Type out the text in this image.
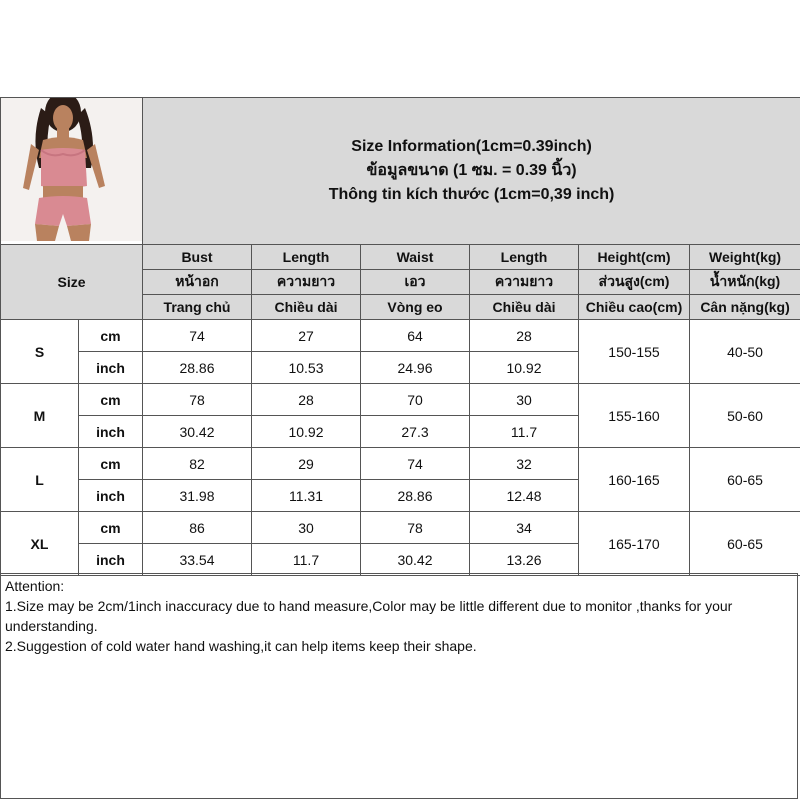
Size Information(1cm=0.39inch)
ข้อมูลขนาด (1 ซม. = 0.39 นิ้ว)
Thông tin kích thước (1cm=0,39 inch)					

Size		Bust	Length	Waist	Length	Height(cm)	Weight(kg)
		หน้าอก	ความยาว	เอว	ความยาว	ส่วนสูง(cm)	น้ำหนัก(kg)
		Trang chủ	Chiều dài	Vòng eo	Chiều dài	Chiều cao(cm)	Cân nặng(kg)
S	cm	74	27	64	28	150-155	40-50
	inch	28.86	10.53	24.96	10.92		
M	cm	78	28	70	30	155-160	50-60
	inch	30.42	10.92	27.3	11.7		
L	cm	82	29	74	32	160-165	60-65
	inch	31.98	11.31	28.86	12.48		
XL	cm	86	30	78	34	165-170	60-65
	inch	33.54	11.7	30.42	13.26		
Attention:
1.Size may be 2cm/1inch inaccuracy due to hand measure,Color may be little different due to monitor ,thanks for your understanding.
2.Suggestion of cold water hand washing,it can help items keep their shape.
